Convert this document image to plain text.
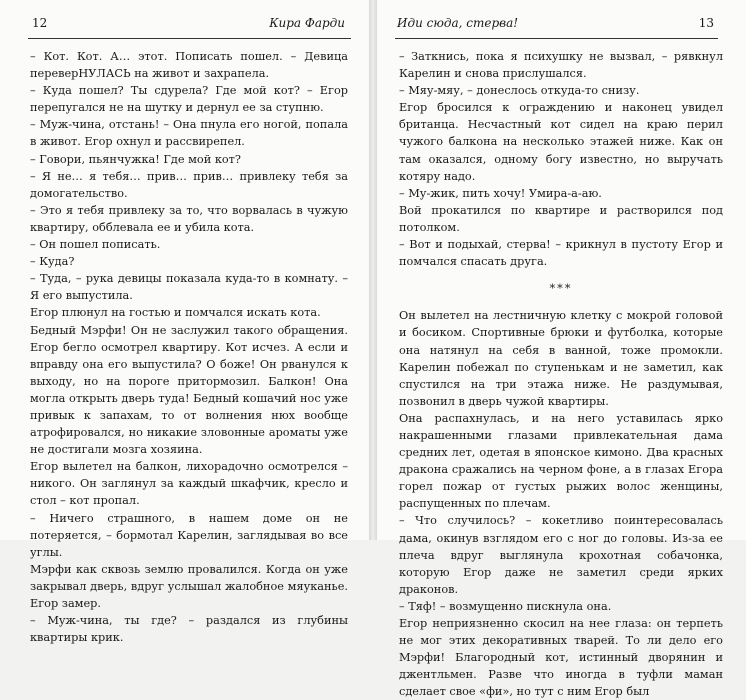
12	Кира Фарди

– Кот. Кот. А… этот. Пописать пошел. – Девица переверНУЛАСЬ на живот и захрапела.

– Куда пошел? Ты сдурела? Где мой кот? – Егор перепугался не на шутку и дернул ее за ступню.

– Муж-чина, отстань! – Она пнула его ногой, попала в живот. Егор охнул и рассвирепел.

– Говори, пьянчужка! Где мой кот?

– Я не… я тебя… прив… прив… привлеку тебя за домогательство.

– Это я тебя привлеку за то, что ворвалась в чужую квартиру, обблевала ее и убила кота.

– Он пошел пописать.

– Куда?

– Туда, – рука девицы показала куда-то в комнату. – Я его выпустила.

Егор плюнул на гостью и помчался искать кота.

Бедный Мэрфи! Он не заслужил такого обращения. Егор бегло осмотрел квартиру. Кот исчез. А если и вправду она его выпустила? О боже! Он рванулся к выходу, но на пороге притормозил. Балкон! Она могла открыть дверь туда! Бедный кошачий нос уже привык к запахам, то от волнения нюх вообще атрофировался, но никакие зловонные ароматы уже не достигали мозга хозяина.

Егор вылетел на балкон, лихорадочно осмотрелся – никого. Он заглянул за каждый шкафчик, кресло и стол – кот пропал.

– Ничего страшного, в нашем доме он не потеряется, – бормотал Карелин, заглядывая во все углы.

Мэрфи как сквозь землю провалился. Когда он уже закрывал дверь, вдруг услышал жалобное мяуканье. Егор замер.

– Муж-чина, ты где? – раздался из глубины квартиры крик.

Иди сюда, стерва!	13

– Заткнись, пока я психушку не вызвал, – рявкнул Карелин и снова прислушался.

– Мяу-мяу, – донеслось откуда-то снизу.

Егор бросился к ограждению и наконец увидел британца. Несчастный кот сидел на краю перил чужого балкона на несколько этажей ниже. Как он там оказался, одному богу известно, но выручать котяру надо.

– Му-жик, пить хочу! Умира-а-аю.

Вой прокатился по квартире и растворился под потолком.

– Вот и подыхай, стерва! – крикнул в пустоту Егор и помчался спасать друга.

***

Он вылетел на лестничную клетку с мокрой головой и босиком. Спортивные брюки и футболка, которые она натянул на себя в ванной, тоже промокли. Карелин побежал по ступенькам и не заметил, как спустился на три этажа ниже. Не раздумывая, позвонил в дверь чужой квартиры.

Она распахнулась, и на него уставилась ярко накрашенными глазами привлекательная дама средних лет, одетая в японское кимоно. Два красных дракона сражались на черном фоне, а в глазах Егора горел пожар от густых рыжих волос женщины, распущенных по плечам.

– Что случилось? – кокетливо поинтересовалась дама, окинув взглядом его с ног до головы. Из-за ее плеча вдруг выглянула крохотная собачонка, которую Егор даже не заметил среди ярких драконов.

– Тяф! – возмущенно пискнула она.

Егор неприязненно скосил на нее глаза: он терпеть не мог этих декоративных тварей. То ли дело его Мэрфи! Благородный кот, истинный дворянин и джентльмен. Разве что иногда в туфли маман сделает свое «фи», но тут с ним Егор был
